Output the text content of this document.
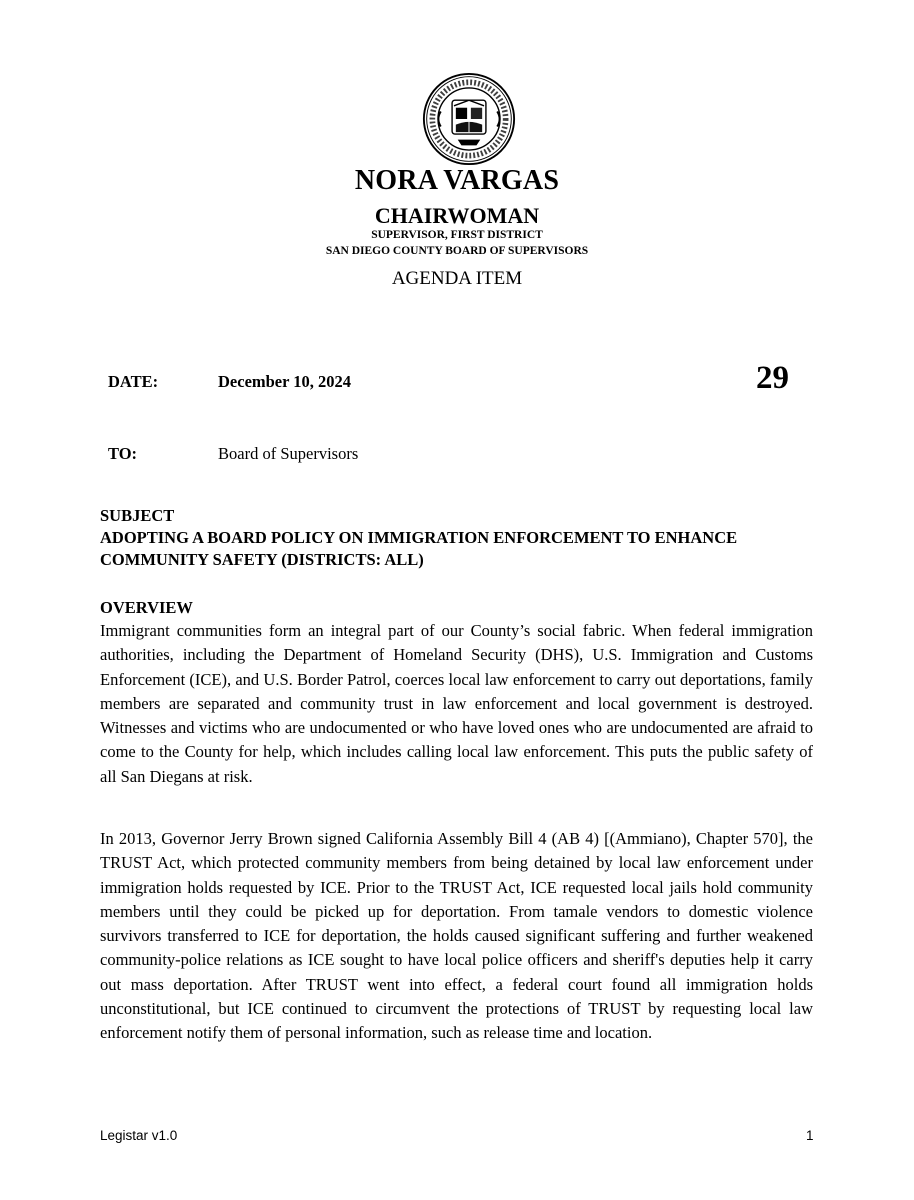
NORA VARGAS
CHAIRWOMAN
SUPERVISOR, FIRST DISTRICT
SAN DIEGO COUNTY BOARD OF SUPERVISORS
AGENDA ITEM
DATE:	December 10, 2024	29
TO:	Board of Supervisors
SUBJECT
ADOPTING A BOARD POLICY ON IMMIGRATION ENFORCEMENT TO ENHANCE COMMUNITY SAFETY (DISTRICTS: ALL)
OVERVIEW

Immigrant communities form an integral part of our County’s social fabric. When federal immigration authorities, including the Department of Homeland Security (DHS), U.S. Immigration and Customs Enforcement (ICE), and U.S. Border Patrol, coerces local law enforcement to carry out deportations, family members are separated and community trust in law enforcement and local government is destroyed. Witnesses and victims who are undocumented or who have loved ones who are undocumented are afraid to come to the County for help, which includes calling local law enforcement. This puts the public safety of all San Diegans at risk.

In 2013, Governor Jerry Brown signed California Assembly Bill 4 (AB 4) [(Ammiano), Chapter 570], the TRUST Act, which protected community members from being detained by local law enforcement under immigration holds requested by ICE. Prior to the TRUST Act, ICE requested local jails hold community members until they could be picked up for deportation. From tamale vendors to domestic violence survivors transferred to ICE for deportation, the holds caused significant suffering and further weakened community-police relations as ICE sought to have local police officers and sheriff's deputies help it carry out mass deportation. After TRUST went into effect, a federal court found all immigration holds unconstitutional, but ICE continued to circumvent the protections of TRUST by requesting local law enforcement notify them of personal information, such as release time and location.

Legistar v1.0	1
